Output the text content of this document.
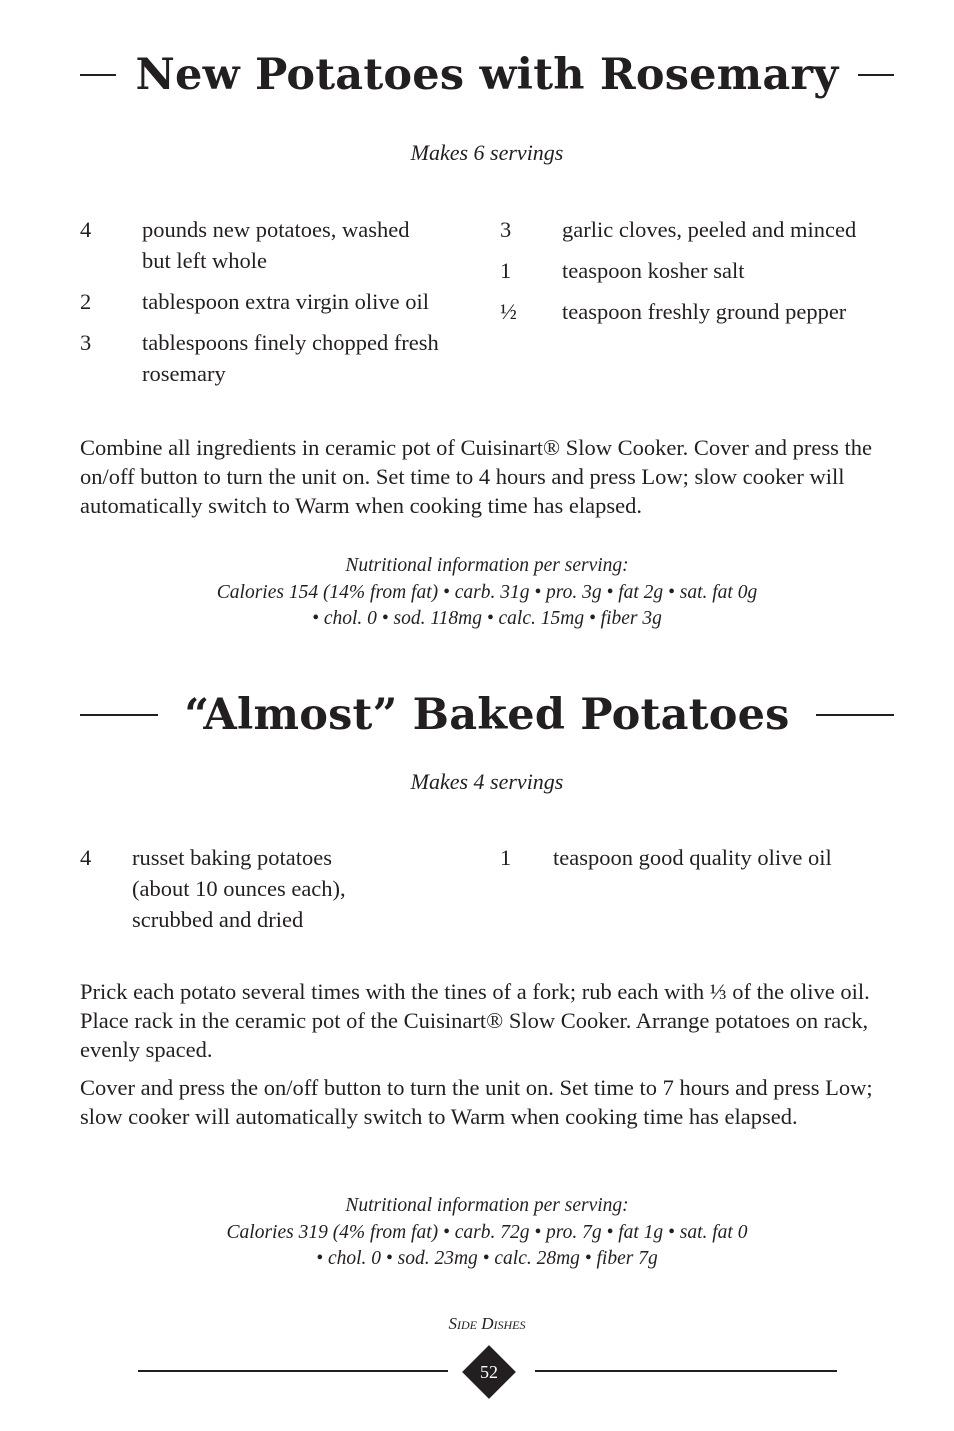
New Potatoes with Rosemary
Makes 6 servings
4	pounds new potatoes, washed but left whole
2	tablespoon extra virgin olive oil
3	tablespoons finely chopped fresh rosemary
3	garlic cloves, peeled and minced
1	teaspoon kosher salt
½	teaspoon freshly ground pepper

Combine all ingredients in ceramic pot of Cuisinart® Slow Cooker. Cover and press the on/off button to turn the unit on. Set time to 4 hours and press Low; slow cooker will automatically switch to Warm when cooking time has elapsed.

Nutritional information per serving:
Calories 154 (14% from fat) • carb. 31g • pro. 3g • fat 2g • sat. fat 0g
• chol. 0 • sod. 118mg • calc. 15mg • fiber 3g
“Almost” Baked Potatoes
Makes 4 servings
4	russet baking potatoes (about 10 ounces each), scrubbed and dried
1	teaspoon good quality olive oil

Prick each potato several times with the tines of a fork; rub each with ⅓ of the olive oil. Place rack in the ceramic pot of the Cuisinart® Slow Cooker. Arrange potatoes on rack, evenly spaced.

Cover and press the on/off button to turn the unit on. Set time to 7 hours and press Low; slow cooker will automatically switch to Warm when cooking time has elapsed.

Nutritional information per serving:
Calories 319 (4% from fat) • carb. 72g • pro. 7g • fat 1g • sat. fat 0
• chol. 0 • sod. 23mg • calc. 28mg • fiber 7g
Side Dishes
52
